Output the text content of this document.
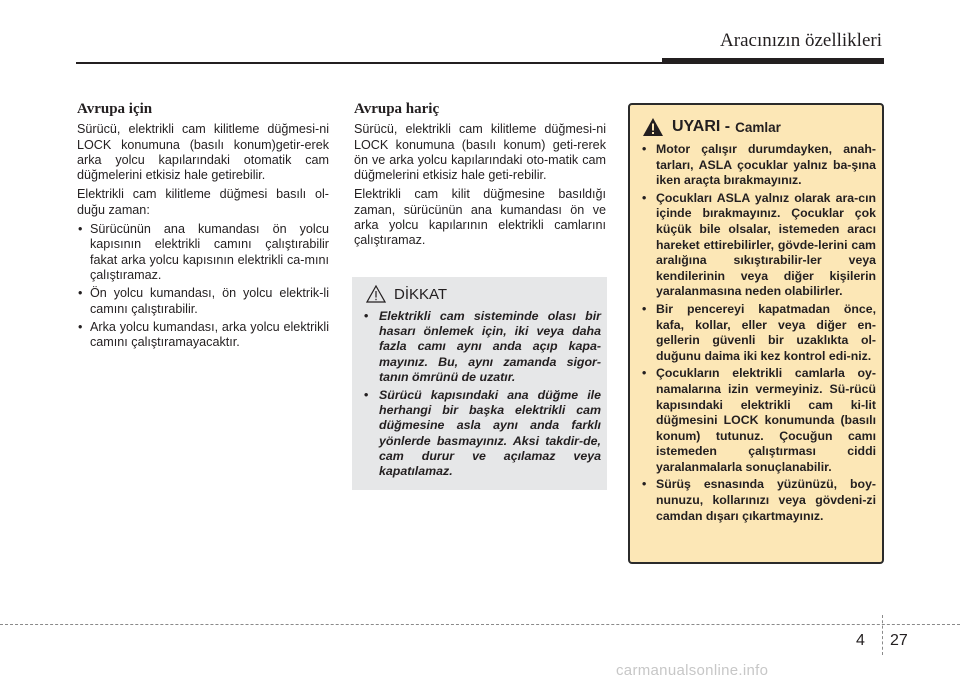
Aracınızın özellikleri
Avrupa için

Sürücü, elektrikli cam kilitleme düğmesi-ni LOCK konumuna (basılı konum)getir-erek arka yolcu kapılarındaki otomatik cam düğmelerini etkisiz hale getirebilir.

Elektrikli cam kilitleme düğmesi basılı ol-duğu zaman:

• Sürücünün ana kumandası ön yolcu kapısının elektrikli camını çalıştırabilir fakat arka yolcu kapısının elektrikli ca-mını çalıştıramaz.
• Ön yolcu kumandası, ön yolcu elektrik-li camını çalıştırabilir.
• Arka yolcu kumandası, arka yolcu elektrikli camını çalıştıramayacaktır.
Avrupa hariç

Sürücü, elektrikli cam kilitleme düğmesi-ni LOCK konumuna (basılı konum) geti-rerek ön ve arka yolcu kapılarındaki oto-matik cam düğmelerini etkisiz hale geti-rebilir.

Elektrikli cam kilit düğmesine basıldığı zaman, sürücünün ana kumandası ön ve arka yolcu kapılarının elektrikli camlarını çalıştıramaz.

DİKKAT
• Elektrikli cam sisteminde olası bir hasarı önlemek için, iki veya daha fazla camı aynı anda açıp kapa-mayınız. Bu, aynı zamanda sigor-tanın ömrünü de uzatır.
• Sürücü kapısındaki ana düğme ile herhangi bir başka elektrikli cam düğmesine asla aynı anda farklı yönlerde basmayınız. Aksi takdir-de, cam durur ve açılamaz veya kapatılamaz.
UYARI - Camlar
• Motor çalışır durumdayken, anah-tarları, ASLA çocuklar yalnız ba-şına iken araçta bırakmayınız.
• Çocukları ASLA yalnız olarak ara-cın içinde bırakmayınız. Çocuklar çok küçük bile olsalar, istemeden aracı hareket ettirebilirler, gövde-lerini cam aralığına sıkıştırabilir-ler veya kendilerinin veya diğer kişilerin yaralanmasına neden olabilirler.
• Bir pencereyi kapatmadan önce, kafa, kollar, eller veya diğer en-gellerin güvenli bir uzaklıkta ol-duğunu daima iki kez kontrol edi-niz.
• Çocukların elektrikli camlarla oy-namalarına izin vermeyiniz. Sü-rücü kapısındaki elektrikli cam ki-lit düğmesini LOCK konumunda (basılı konum) tutunuz. Çocuğun camı istemeden çalıştırması ciddi yaralanmalarla sonuçlanabilir.
• Sürüş esnasında yüzünüzü, boy-nunuzu, kollarınızı veya gövdeni-zi camdan dışarı çıkartmayınız.
4 27
carmanualsonline.info
